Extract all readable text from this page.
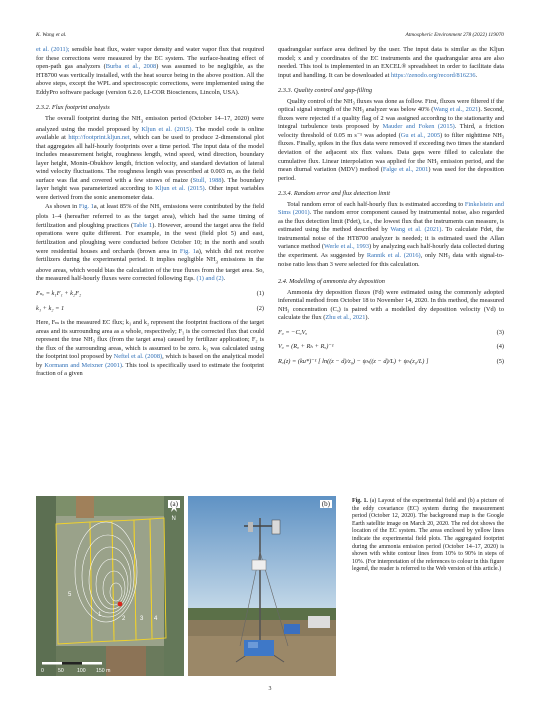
K. Wang et al.	Atmospheric Environment 278 (2022) 119070

et al. (2011); sensible heat flux, water vapor density and water vapor flux that required for these corrections were measured by the EC system. The surface-heating effect of open-path gas analyzers (Burba et al., 2008) was assumed to be negligible, as the HT8700 was vertically installed, with the heat source being in the above position. All the above steps, except the WPL and spectroscopic corrections, were implemented using the EddyPro software package (version 6.2.0, LI-COR Biosciences, Lincoln, USA).

2.3.2. Flux footprint analysis

The overall footprint during the $NH_3$ emission period (October 14–17, 2020) were analyzed using the model proposed by Kljun et al. (2015). The model code is online available at http://footprint.kljun.net, which can be used to produce 2-dimensional plot that aggregates all half-hourly footprints over a time period. The input data of the model includes measurement height, roughness length, wind speed, wind direction, boundary layer height, Monin-Obukhov length, friction velocity, and standard deviation of lateral wind velocity fluctuations. The roughness length was prescribed at 0.003 m, as the field surface was flat and covered with a few straws of maize (Stull, 1988). The boundary layer height was parameterized according to Kljun et al. (2015). Other input variables were derived from the sonic anemometer data.

As shown in Fig. 1a, at least 85% of the $NH_3$ emissions were contributed by the field plots 1–4 (hereafter referred to as the target area), which had the same timing of fertilization and ploughing practices (Table 1). However, around the target area the field operations were quite different. For example, in the west (field plot 5) and east, fertilization and ploughing were conducted before October 10; in the north and south were residential houses and orchards (brown area in Fig. 1a), which did not receive fertilizers during the experimental period. It implies negligible $NH_3$ emissions in the above areas, which would bias the calculation of the true fluxes from the target area. So, the measured half-hourly fluxes were corrected following Eqs. (1) and (2).

Fₙₑ = k₁F₁ + k₂F₂	(1)
k₁ + k₂ = 1	(2)

Here, Fₘ is the measured EC flux; k₁ and k₂ represent the footprint fractions of the target areas and its surrounding area as a whole, respectively; F₁ is the corrected flux that could represent the true NH₃ flux (from the target area) caused by fertilizer application; F₂ is the flux of the surrounding areas, which is assumed to be zero. k₁ was calculated using the footprint tool proposed by Neftel et al. (2008), which is based on the analytical model by Kormann and Meixner (2001). This tool is specifically used to estimate the footprint fraction of a given

quadrangular surface area defined by the user. The input data is similar as the Kljun model; x and y coordinates of the EC instruments and the quadrangular area are also needed. This tool is implemented in an EXCEL® spreadsheet in order to facilitate data input and handling. It can be downloaded at https://zenodo.org/record/816236.

2.3.3. Quality control and gap-filling

Quality control of the NH₃ fluxes was done as follow. First, fluxes were filtered if the optical signal strength of the NH₃ analyzer was below 40% (Wang et al., 2021). Second, fluxes were rejected if a quality flag of 2 was assigned according to the stationarity and integral turbulence tests proposed by Mauder and Foken (2015). Third, a friction velocity threshold of 0.05 m s⁻¹ was adopted (Gu et al., 2005) to filter nighttime NH₃ fluxes. Finally, spikes in the flux data were removed if exceeding two times the standard deviation of the adjacent six flux values. Data gaps were filled to calculate the cumulative flux. Linear interpolation was applied for the NH₃ emission period, and the mean diurnal variation (MDV) method (Falge et al., 2001) was used for the deposition period.

2.3.4. Random error and flux detection limit

Total random error of each half-hourly flux is estimated according to Finkelstein and Sims (2001). The random error component caused by instrumental noise, also regarded as the flux detection limit (Fdet), i.e., the lowest flux that the instruments can measure, is estimated using the method described by Wang et al. (2021). To calculate Fdet, the instrumental noise of the HT8700 analyzer is needed; it is estimated used the Allan variance method (Werle et al., 1993) by analyzing each half-hourly data collected during the experiment. As suggested by Rannik et al. (2016), only NH₃ data with signal-to-noise ratio less than 3 were selected for this calculation.

2.4. Modelling of ammonia dry deposition

Ammonia dry deposition fluxes (Fd) were estimated using the commonly adopted inferential method from October 18 to November 14, 2020. In this method, the measured NH₃ concentration (Cₐ) is paired with a modelled dry deposition velocity (Vd) to calculate the flux (Zhu et al., 2021).

Fₐ = −CₐVₐ	(3)
Vₐ = (Rₐ + Rₕ + Rₒ)⁻¹	(4)
Rₐ(z) = (ku*)⁻¹ [ ln((z − d)/z₀) − ψₕ((z − d)/L) + ψₕ(z₀/L) ]	(5)
5
1
2 3 4
N
0	50	100 150 m
(a)	(b)	Fig. 1. (a) Layout of the experimental field and (b) a picture of the eddy covariance (EC) system during the measurement period (October 12, 2020). The background map is the Google Earth satellite image on March 20, 2020. The red dot shows the location of the EC system. The areas enclosed by yellow lines indicate the experimental field plots. The aggregated footprint during the ammonia emission period (October 14–17, 2020) is shown with white contour lines from 10% to 90% in steps of 10%. (For interpretation of the references to colour in this figure legend, the reader is referred to the Web version of this article.)

3
